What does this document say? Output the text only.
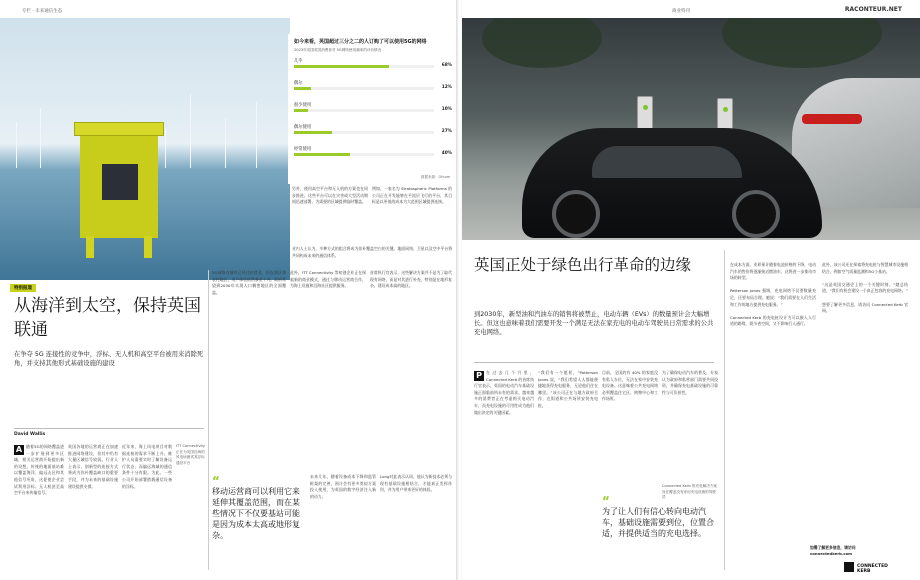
专栏 · 未来通信生态
如今来看，英国超过三分之二的人订购了可以使用5G的网络
2023年英国英国消费者对 5G网络使用频率的评价情况
几乎
68%
偶尔
12%
很少使用
10%
偶尔使用
27%
经常使用
40%
数据来源：Ofcom
另外，使用高空平台和无人机的方案也在同步推进。这些平台可以在灾害或大型活动期间迅速部署，为需要的区域提供临时覆盖。
例如，一家名为 Stratospheric Platforms 的公司正在开发能够在平流层飞行的平台，其目标是以更低的成本为大范围区域提供连接。
业内人士认为，多种方式的组合将成为弥补覆盖空白的关键。地面网络、卫星以及空中平台将共同构成未来的通信体系。
特别报道
从海洋到太空，保持英国联通
在争夺 5G 连接性的竞争中，浮标、无人机和高空平台被用来消除死角，并支持其他形式基础设施的建设
David Wallis
A	随着5G的网络覆盖进一步扩展到更多区域，相关运营商开始提出新的设想。传统的地面基站难以覆盖海洋、偏远山区和其他信号死角，这促使企业尝试利用浮标、无人机甚至高空平台来传输信号。
英国各地的运营商正在加速推进网络建设，但其中仍有大量区域信号较弱。行业人士表示，创新型的连接方式将成为弥补覆盖缺口的重要手段，并为未来的基础设施建设提供支撑。
近年来，海上风电项目对数据连接的需求不断上升。维护人员需要实时了解设备运行状态，而偏远海域的通信条件十分有限。为此，一些公司开始部署搭载通信设备的浮标。
ITT Connectivity 正在为英国近海的风电场测试其浮标通信平台
5G网络在城市已经比较普及，但在郊区和农村地区，用户体验依然参差不齐。政府希望到2030年实现人口稠密地区的全面覆盖。
此外，ITT Connectivity 等初创企业正在探索新的商业模式，通过与移动运营商合作，为海上设施和沿海社区提供服务。
首席执行官表示，这些解决方案并不是为了取代现有网络，而是对其进行补充，特别是在地形复杂、建设成本高的地区。
“
移动运营商可以利用它来延伸其覆盖范围，而在某些情况下不仅要基站可能是因为成本太高或地形复杂。
未来几年，随着设备成本下降和监管框架的完善，预计会有更多类似方案投入使用，为英国的数字经济注入新的动力。
Long对此表示认同，他认为新技术必须与现有基础设施相结合，才能真正发挥作用，并为用户带来更好的体验。
商业特刊	RACONTEUR.NET
英国正处于绿色出行革命的边缘
到2030年，新型油和汽油车的销售将被禁止，电动车辆（EVs）的数量预计会大幅增长。但这也意味着我们需要开发一个满足无法在家充电的电动车驾驶员日常需求的公共充电网络。
P	在过去几个月里，Connected Kerb 的首席执行官表示，英国的电动汽车基础设施正面临前所未有的需求。越来越多的消费者正在考虑购买电动汽车，而充电设施的可用性成为他们做出决定的关键因素。
“我们有一个愿景，”Patterson Jones 说，“我们希望人人都能便捷地获得充电服务，无论他们住在哪里。”该公司正在与地方政府合作，在街道和公共场所安装充电桩。
目前，全国约有 40% 的家庭没有私人车位，无法在家中安装充电设备。这意味着公共充电网络必须覆盖住宅区、购物中心和工作场所。
为了确保电动汽车的普及，专家认为政府和私营部门需要共同投资，并确保充电基础设施的可靠性与可负担性。
Connected Kerb 的充电解决方案旨在覆盖没有家用充电设施的驾驶员
“
为了让人们有信心转向电动汽车，基础设施需要到位，位置合适，并提供适当的充电选择。
在成本方面，业界预计随着电池价格的下降，电动汽车的售价将逐渐接近燃油车，这将进一步推动市场的转型。

Patterson Jones 强调，充电网络不仅要数量充足，还要布局合理。她说：“我们需要在人们生活和工作的地方提供充电服务。”

Connected Kerb 的充电桩设计为可以嵌入人行道的路缘，既节省空间，又不影响行人通行。
此外，该公司还在探索将充电桩与智慧城市设施相结合，例如空气质量监测和5G小基站。

“这是英国交通史上的一个关键时刻，”她总结道，“我们有机会建设一个真正包容的充电网络。”

想要了解更多信息，请访问 Connected Kerb 官网。
如需了解更多信息，请访问 connectedkerb.com
CONNECTED KERB
